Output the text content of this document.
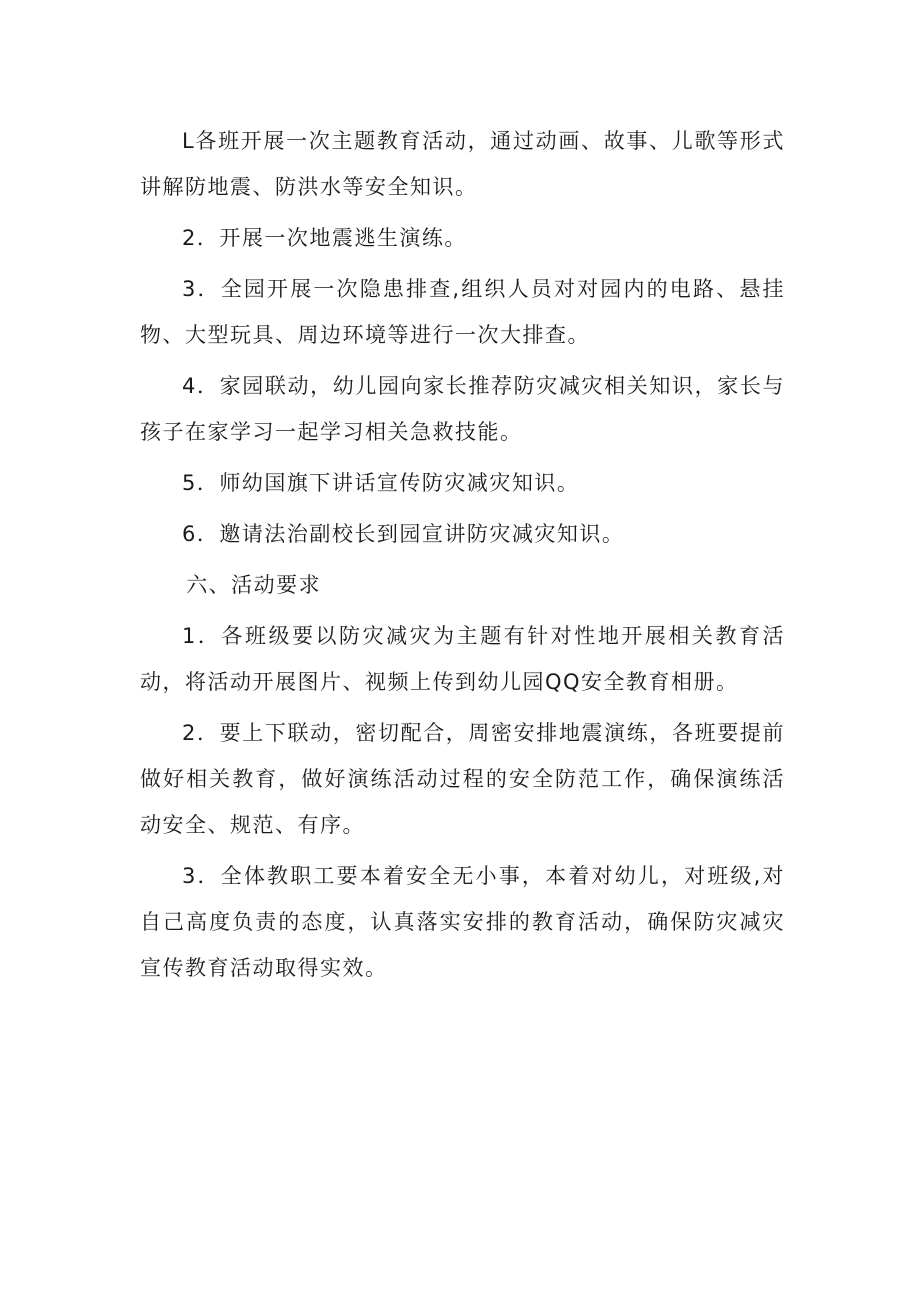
L各班开展一次主题教育活动，通过动画、故事、儿歌等形式讲解防地震、防洪水等安全知识。

2．开展一次地震逃生演练。

3．全园开展一次隐患排查,组织人员对对园内的电路、悬挂物、大型玩具、周边环境等进行一次大排查。

4．家园联动，幼儿园向家长推荐防灾减灾相关知识，家长与孩子在家学习一起学习相关急救技能。

5．师幼国旗下讲话宣传防灾减灾知识。

6．邀请法治副校长到园宣讲防灾减灾知识。

六、活动要求

1．各班级要以防灾减灾为主题有针对性地开展相关教育活动，将活动开展图片、视频上传到幼儿园QQ安全教育相册。

2．要上下联动，密切配合，周密安排地震演练，各班要提前做好相关教育，做好演练活动过程的安全防范工作，确保演练活动安全、规范、有序。

3．全体教职工要本着安全无小事，本着对幼儿，对班级,对自己高度负责的态度，认真落实安排的教育活动，确保防灾减灾宣传教育活动取得实效。
